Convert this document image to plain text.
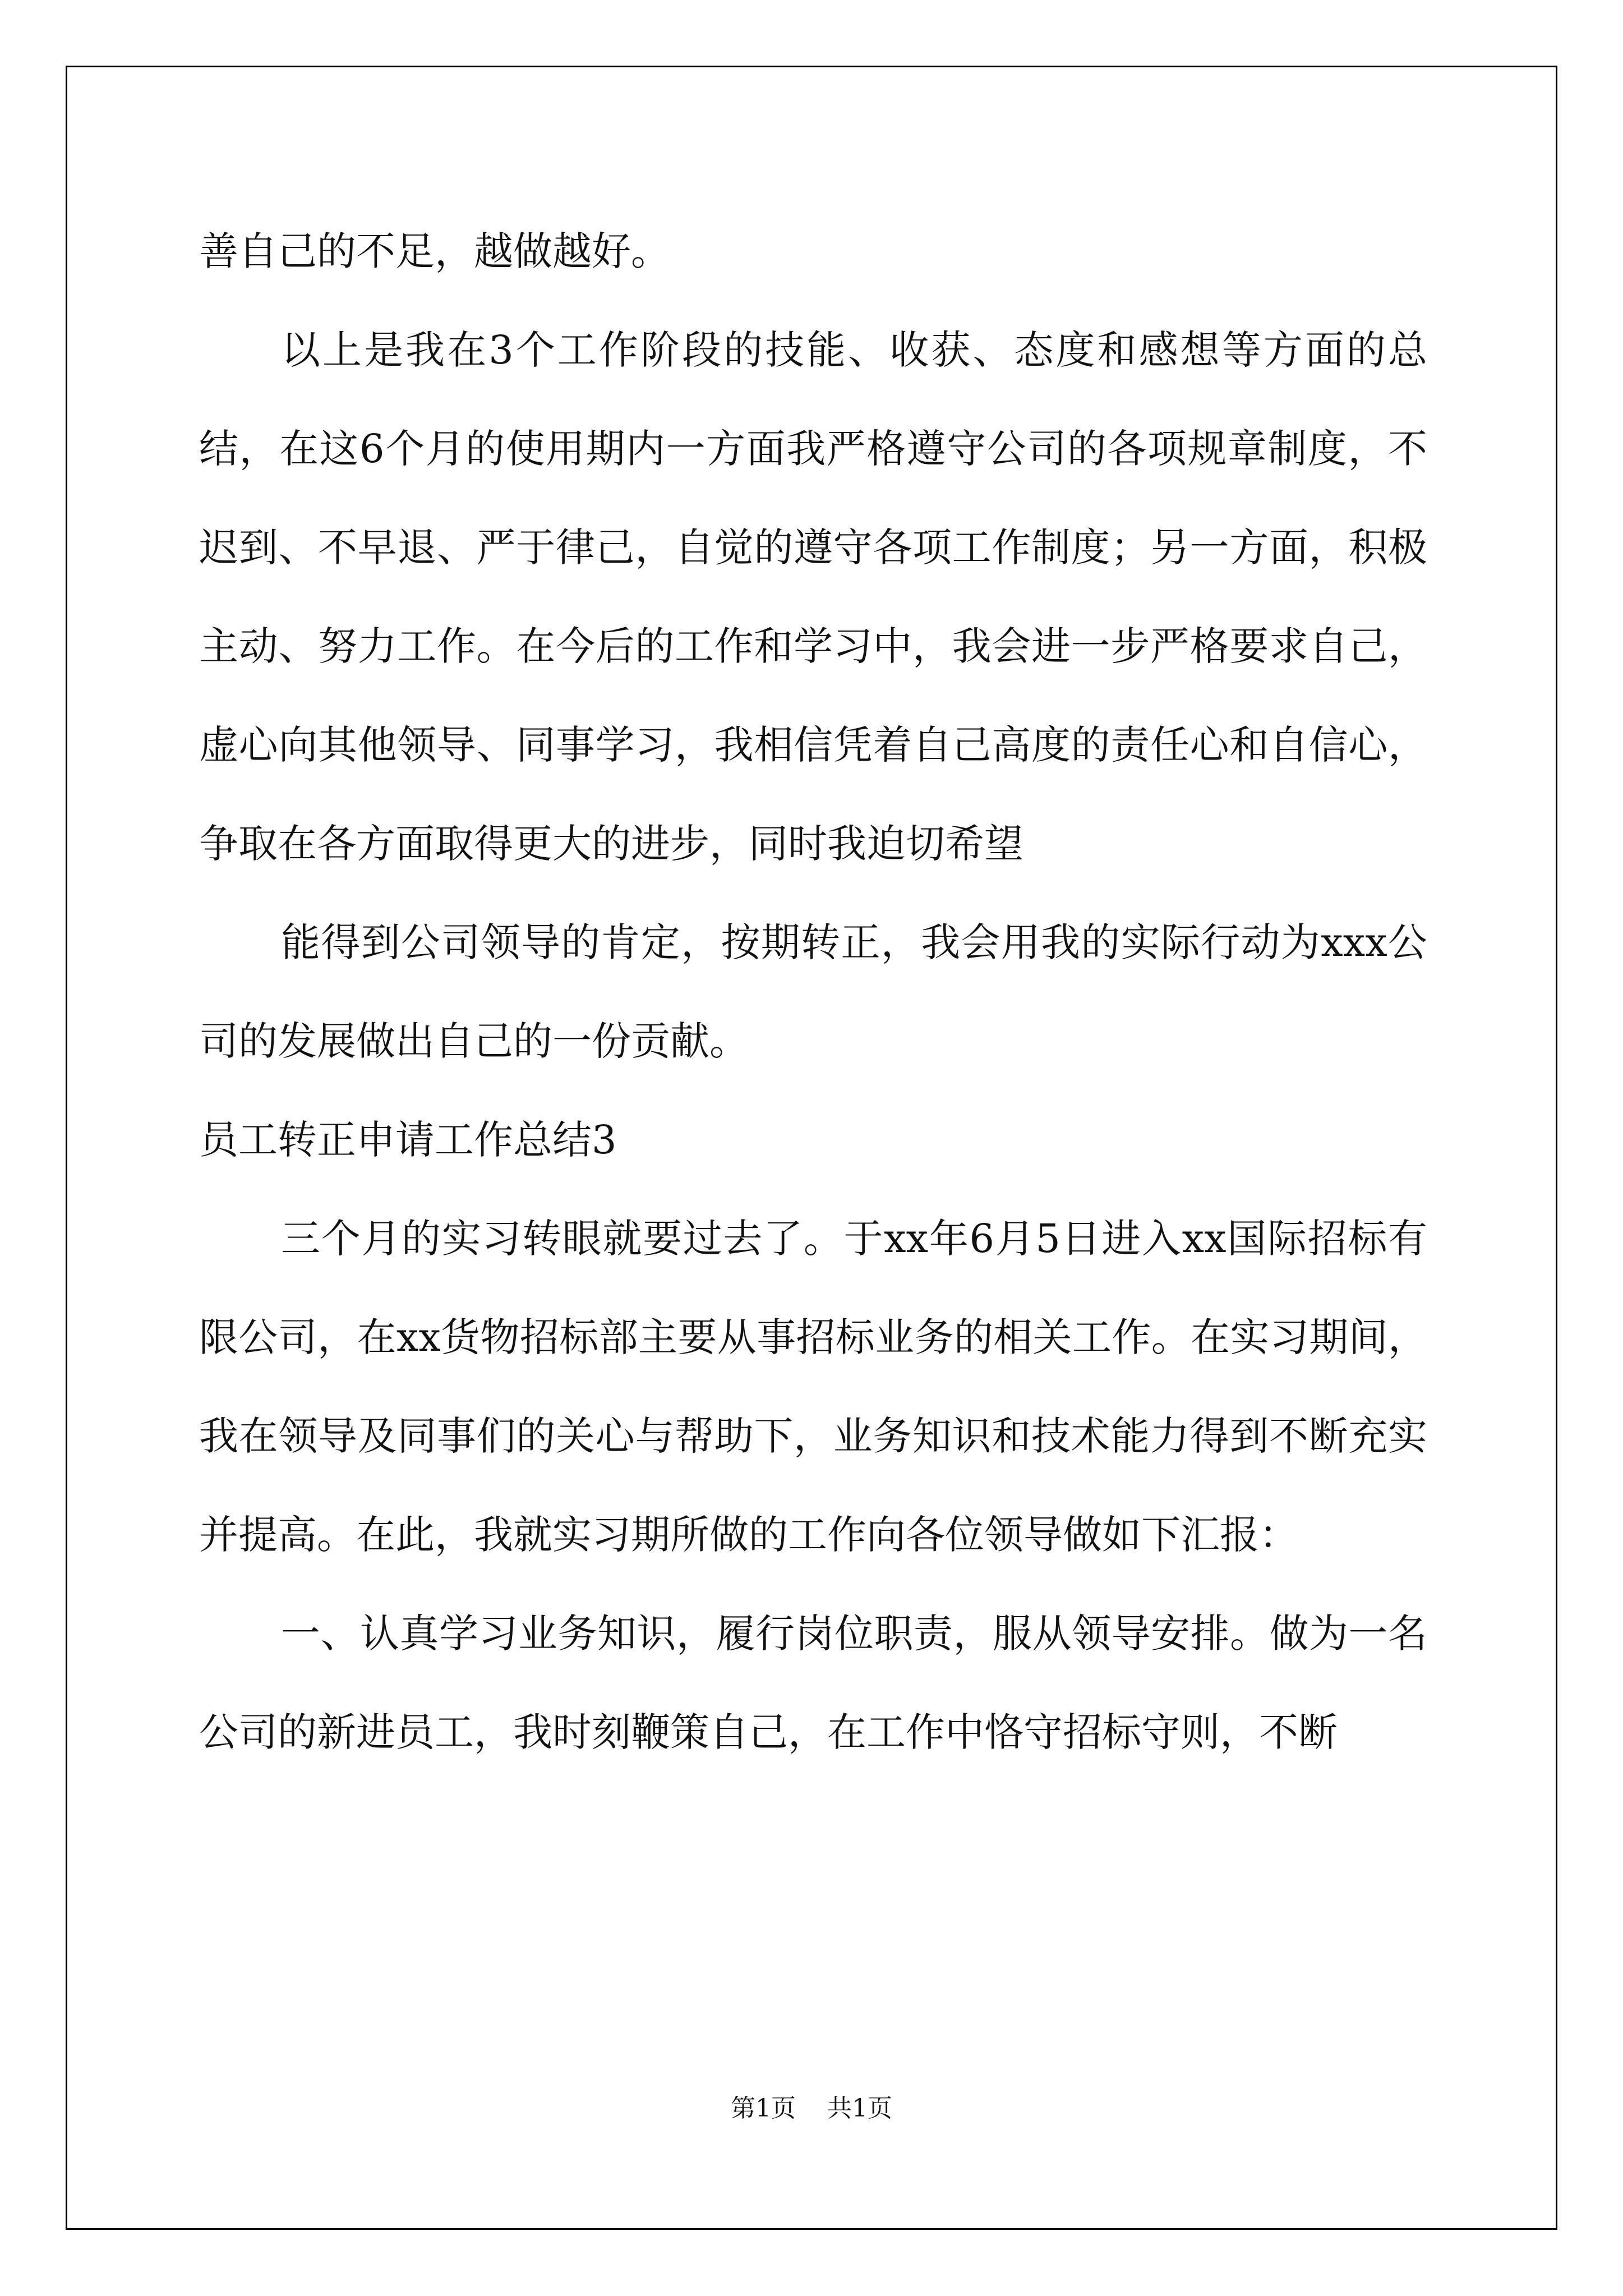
善自己的不足，越做越好。

以上是我在3个工作阶段的技能、收获、态度和感想等方面的总结，在这6个月的使用期内一方面我严格遵守公司的各项规章制度，不迟到、不早退、严于律己，自觉的遵守各项工作制度；另一方面，积极主动、努力工作。在今后的工作和学习中，我会进一步严格要求自己，虚心向其他领导、同事学习，我相信凭着自己高度的责任心和自信心，争取在各方面取得更大的进步，同时我迫切希望

能得到公司领导的肯定，按期转正，我会用我的实际行动为xxx公司的发展做出自己的一份贡献。

员工转正申请工作总结3

三个月的实习转眼就要过去了。于xx年6月5日进入xx国际招标有限公司，在xx货物招标部主要从事招标业务的相关工作。在实习期间，我在领导及同事们的关心与帮助下，业务知识和技术能力得到不断充实并提高。在此，我就实习期所做的工作向各位领导做如下汇报：

一、认真学习业务知识，履行岗位职责，服从领导安排。做为一名公司的新进员工，我时刻鞭策自己，在工作中恪守招标守则，不断

第1页 共1页
